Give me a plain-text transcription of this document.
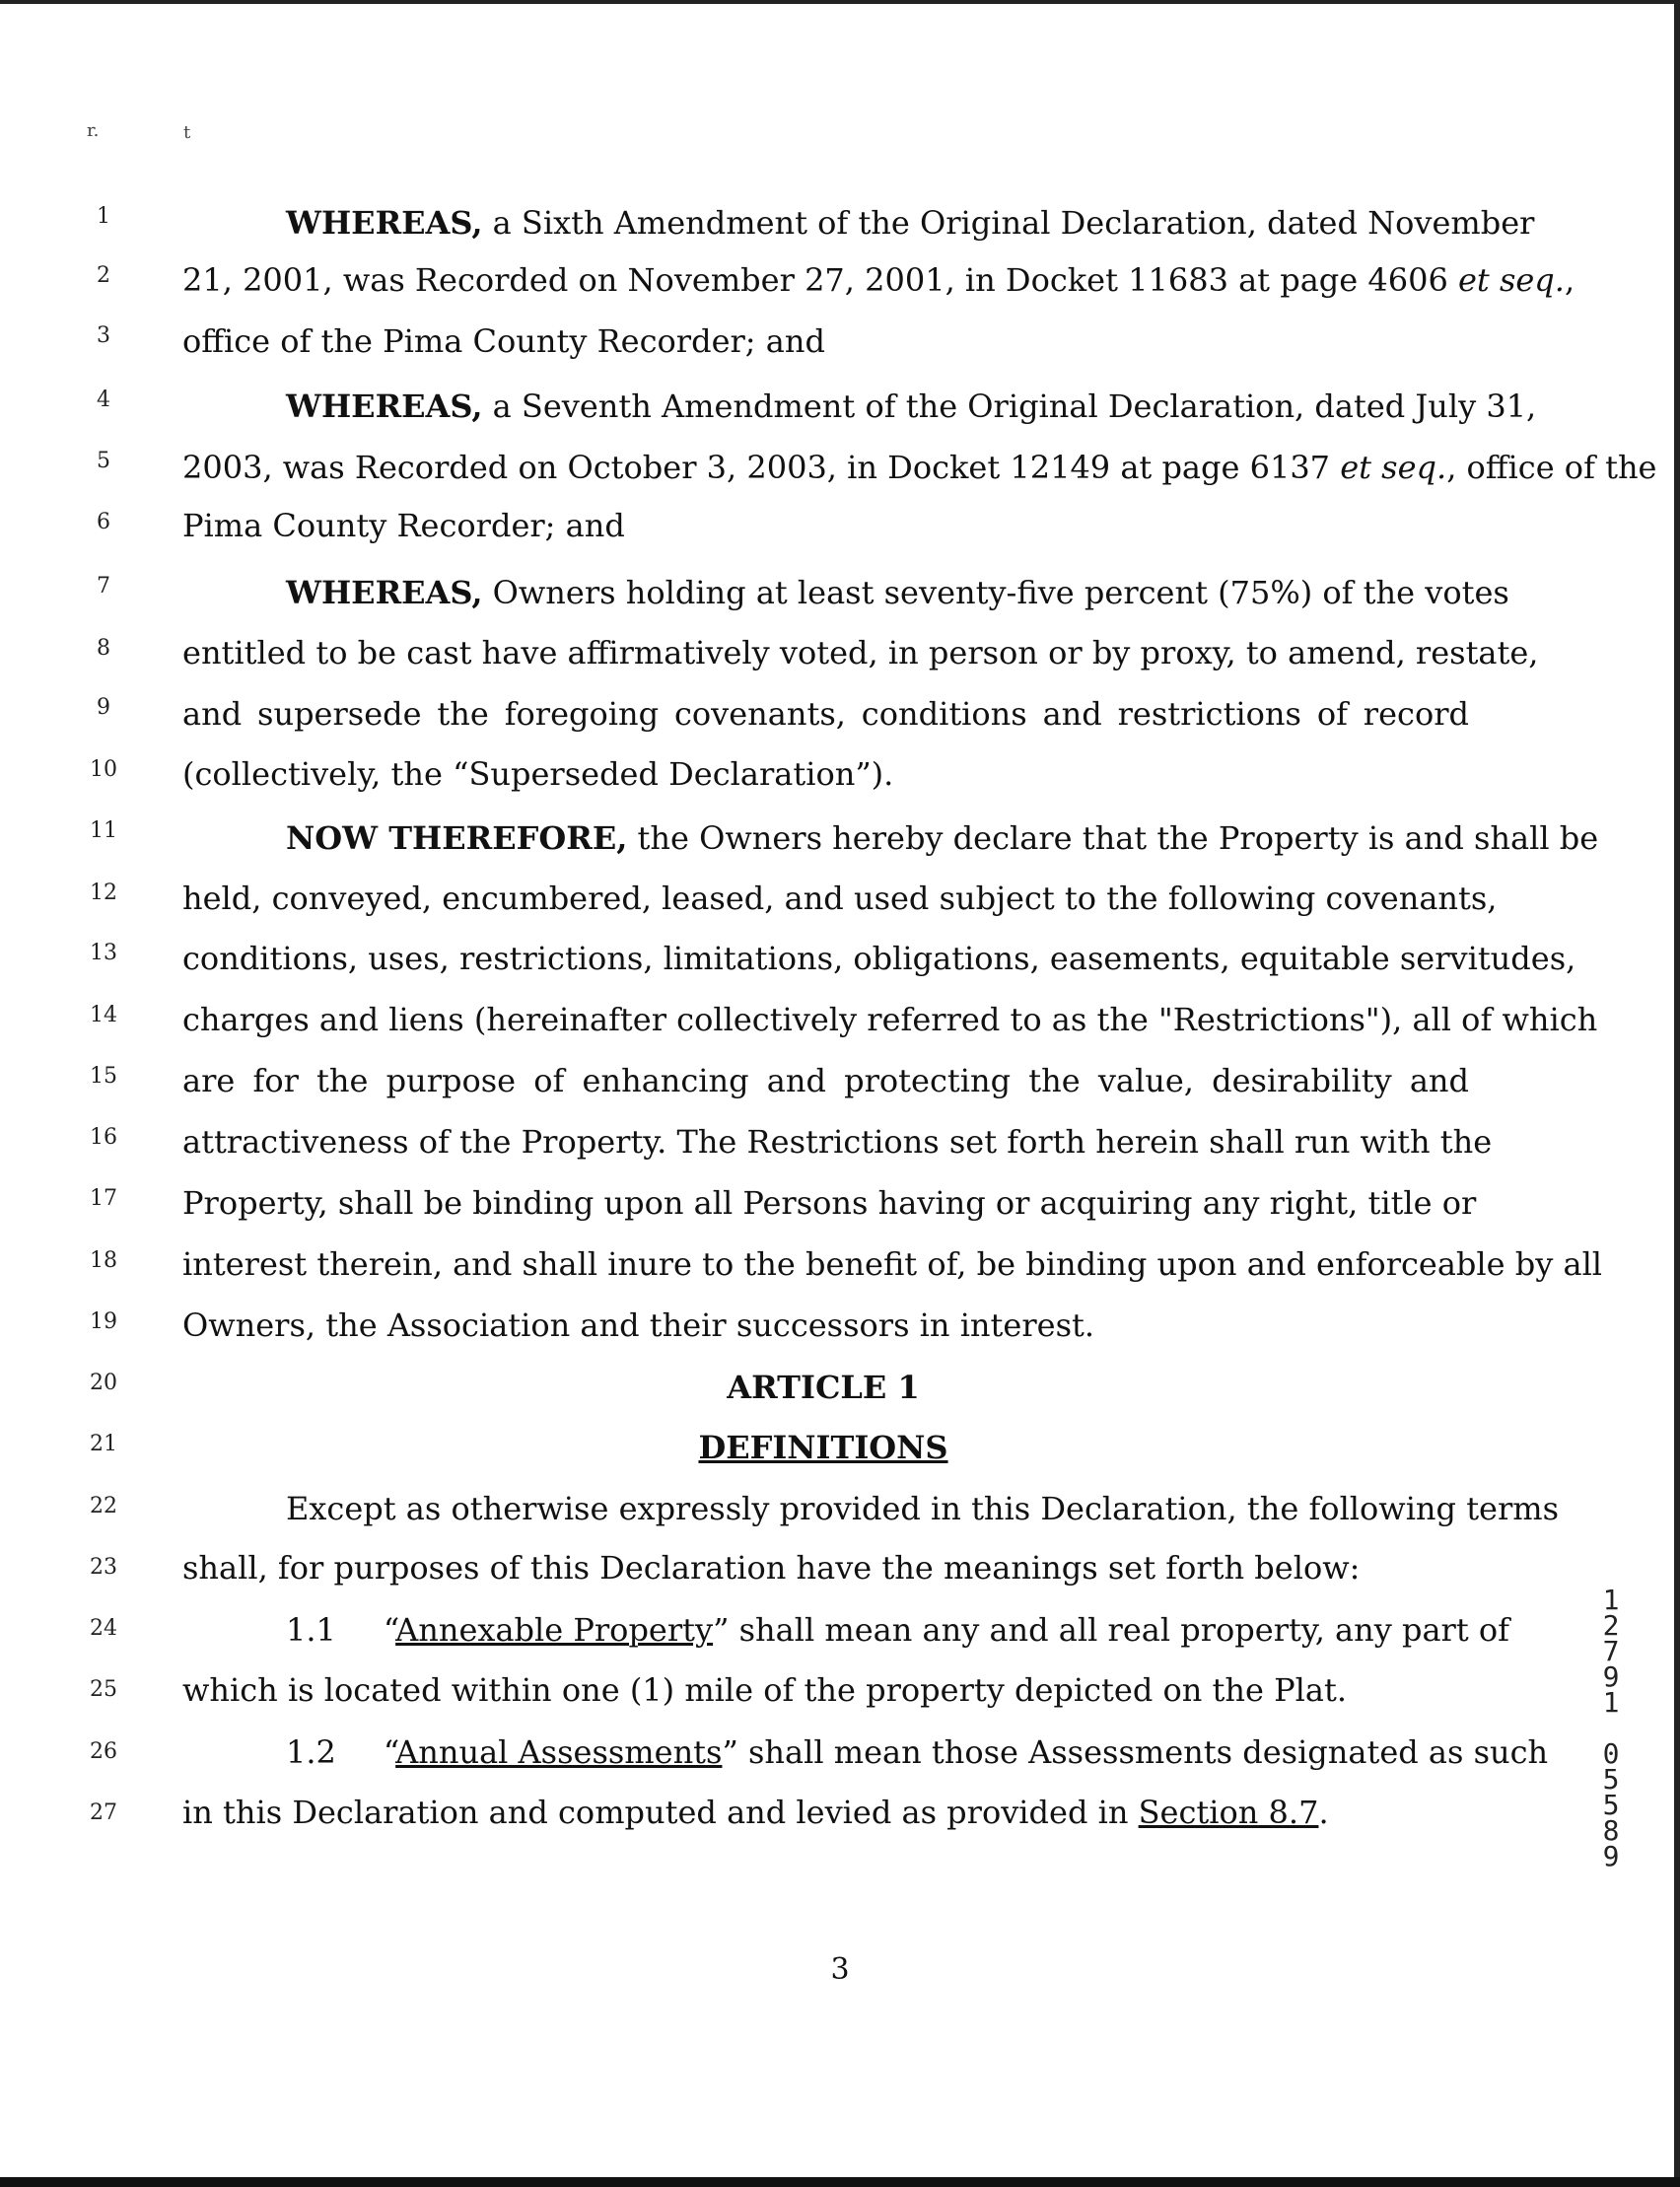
r.	t
1
2
3
4
5
6
7
8
9
10
11
12
13
14
15
16
17
18
19
20
21
22
23
24
25
26
27
WHEREAS, a Sixth Amendment of the Original Declaration, dated November
21, 2001, was Recorded on November 27, 2001, in Docket 11683 at page 4606 et seq.,
office of the Pima County Recorder; and
WHEREAS, a Seventh Amendment of the Original Declaration, dated July 31,
2003, was Recorded on October 3, 2003, in Docket 12149 at page 6137 et seq., office of the
Pima County Recorder; and
WHEREAS, Owners holding at least seventy-five percent (75%) of the votes
entitled to be cast have affirmatively voted, in person or by proxy, to amend, restate,
and supersede the foregoing covenants, conditions and restrictions of record
(collectively, the “Superseded Declaration”).
NOW THEREFORE, the Owners hereby declare that the Property is and shall be
held, conveyed, encumbered, leased, and used subject to the following covenants,
conditions, uses, restrictions, limitations, obligations, easements, equitable servitudes,
charges and liens (hereinafter collectively referred to as the "Restrictions"), all of which
are for the purpose of enhancing and protecting the value, desirability and
attractiveness of the Property. The Restrictions set forth herein shall run with the
Property, shall be binding upon all Persons having or acquiring any right, title or
interest therein, and shall inure to the benefit of, be binding upon and enforceable by all
Owners, the Association and their successors in interest.
ARTICLE 1
DEFINITIONS
Except as otherwise expressly provided in this Declaration, the following terms
shall, for purposes of this Declaration have the meanings set forth below:
1.1 “Annexable Property” shall mean any and all real property, any part of
which is located within one (1) mile of the property depicted on the Plat.
1.2 “Annual Assessments” shall mean those Assessments designated as such
in this Declaration and computed and levied as provided in Section 8.7.
3
1
2
7
9
1
0
5
5
8
9
